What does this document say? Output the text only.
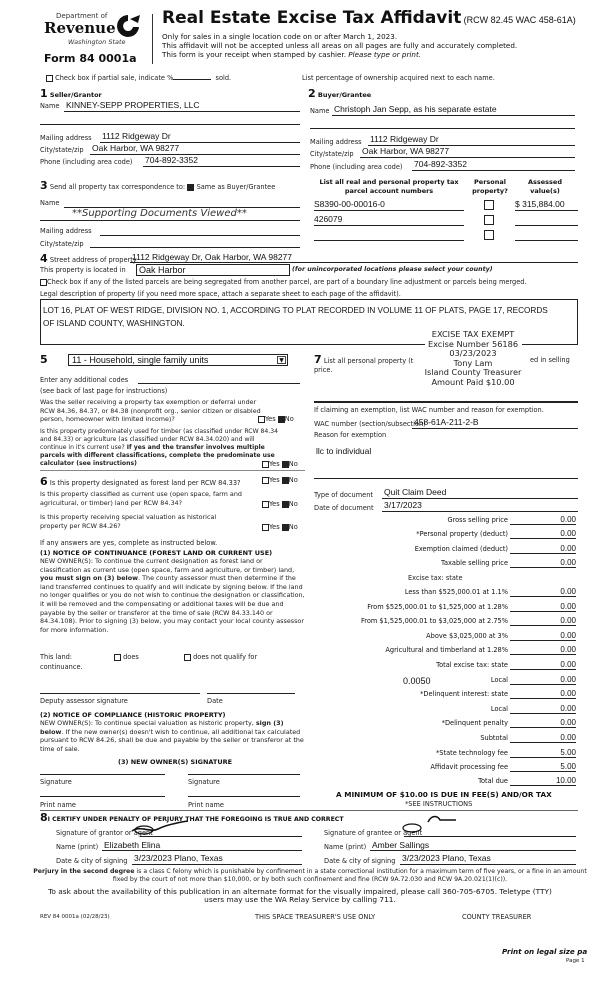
Department of
Revenue
Washington State
Form 84 0001a
Real Estate Excise Tax Affidavit (RCW 82.45 WAC 458-61A)
Only for sales in a single location code on or after March 1, 2023.
This affidavit will not be accepted unless all areas on all pages are fully and accurately completed.
This form is your receipt when stamped by cashier. Please type or print.
Check box if partial sale, indicate %	sold.	List percentage of ownership acquired next to each name.
1 Seller/Grantor
Name KINNEY-SEPP PROPERTIES, LLC
Mailing address 1112 Ridgeway Dr
City/state/zip Oak Harbor, WA 98277
Phone (including area code) 704-892-3352
2 Buyer/Grantee
Name Christoph Jan Sepp, as his separate estate
Mailing address 1112 Ridgeway Dr
City/state/zip Oak Harbor, WA 98277
Phone (including area code) 704-892-3352
3 Send all property tax correspondence to: Same as Buyer/Grantee
Name
**Supporting Documents Viewed**
Mailing address
City/state/zip
List all real and personal property tax parcel account numbers
Personal property?
Assessed value(s)
S8390-00-00016-0	$ 315,884.00
426079
4 Street address of property
1112 Ridgeway Dr, Oak Harbor, WA 98277
This property is located in	Oak Harbor	(for unincorporated locations please select your county)
Check box if any of the listed parcels are being segregated from another parcel, are part of a boundary line adjustment or parcels being merged.
Legal description of property (if you need more space, attach a separate sheet to each page of the affidavit).
LOT 16, PLAT OF WEST RIDGE, DIVISION NO. 1, ACCORDING TO PLAT RECORDED IN VOLUME 11 OF PLATS, PAGE 17, RECORDS OF ISLAND COUNTY, WASHINGTON.
EXCISE TAX EXEMPT
Excise Number 56186
03/23/2023
Tony Lam
Island County Treasurer
Amount Paid $10.00
5	11 - Household, single family units	▼
Enter any additional codes
(see back of last page for instructions)
Was the seller receiving a property tax exemption or deferral under RCW 84.36, 84.37, or 84.38 (nonprofit org., senior citizen or disabled person, homeowner with limited income)?	Yes No
Is this property predominately used for timber (as classified under RCW 84.34 and 84.33) or agriculture (as classified under RCW 84.34.020) and will continue in it's current use? If yes and the transfer involves multiple parcels with different classifications, complete the predominate use calculator (see instructions)	Yes No
6 Is this property designated as forest land per RCW 84.33?	Yes No
Is this property classified as current use (open space, farm and agricultural, or timber) land per RCW 84.34?	Yes No
Is this property receiving special valuation as historical property per RCW 84.26?	Yes No
If any answers are yes, complete as instructed below.
(1) NOTICE OF CONTINUANCE (FOREST LAND OR CURRENT USE)
NEW OWNER(S): To continue the current designation as forest land or classification as current use (open space, farm and agriculture, or timber) land, you must sign on (3) below. The county assessor must then determine if the land transferred continues to qualify and will indicate by signing below. If the land no longer qualifies or you do not wish to continue the designation or classification, it will be removed and the compensating or additional taxes will be due and payable by the seller or transferor at the time of sale (RCW 84.33.140 or 84.34.108). Prior to signing (3) below, you may contact your local county assessor for more information.
This land:	does	does not qualify for
continuance.
Deputy assessor signature	Date
(2) NOTICE OF COMPLIANCE (HISTORIC PROPERTY)
NEW OWNER(S): To continue special valuation as historic property, sign (3) below. If the new owner(s) doesn't wish to continue, all additional tax calculated pursuant to RCW 84.26, shall be due and payable by the seller or transferor at the time of sale.
(3) NEW OWNER(S) SIGNATURE
Signature	Signature
Print name	Print name
7 List all personal property (t	ed in selling
price.
If claiming an exemption, list WAC number and reason for exemption.
WAC number (section/subsection)
458-61A-211-2-B
Reason for exemption
llc to individual
Type of document Quit Claim Deed
Date of document 3/17/2023
Gross selling price	0.00
*Personal property (deduct)	0.00
Exemption claimed (deduct)	0.00
Taxable selling price	0.00
Excise tax: state
Less than $525,000.01 at 1.1%	0.00
From $525,000.01 to $1,525,000 at 1.28%	0.00
From $1,525,000.01 to $3,025,000 at 2.75%	0.00
Above $3,025,000 at 3%	0.00
Agricultural and timberland at 1.28%	0.00
Total excise tax: state	0.00
0.0050	Local	0.00
*Delinquent interest: state	0.00
Local	0.00
*Delinquent penalty	0.00
Subtotal	0.00
*State technology fee	5.00
Affidavit processing fee	5.00
Total due	10.00
A MINIMUM OF $10.00 IS DUE IN FEE(S) AND/OR TAX
*SEE INSTRUCTIONS
8I CERTIFY UNDER PENALTY OF PERJURY THAT THE FOREGOING IS TRUE AND CORRECT
Signature of grantor or agent
Name (print) Elizabeth Elina
Date & city of signing 3/23/2023 Plano, Texas
Signature of grantee or agent
Name (print) Amber Sallings
Date & city of signing 3/23/2023 Plano, Texas
Perjury in the second degree is a class C felony which is punishable by confinement in a state correctional institution for a maximum term of five years, or a fine in an amount fixed by the court of not more than $10,000, or by both such confinement and fine (RCW 9A.72.030 and RCW 9A.20.021(1)(c)).
To ask about the availability of this publication in an alternate format for the visually impaired, please call 360-705-6705. Teletype (TTY) users may use the WA Relay Service by calling 711.
REV 84 0001a (02/28/23)	THIS SPACE TREASURER'S USE ONLY	COUNTY TREASURER
Print on legal size pa
Page 1
